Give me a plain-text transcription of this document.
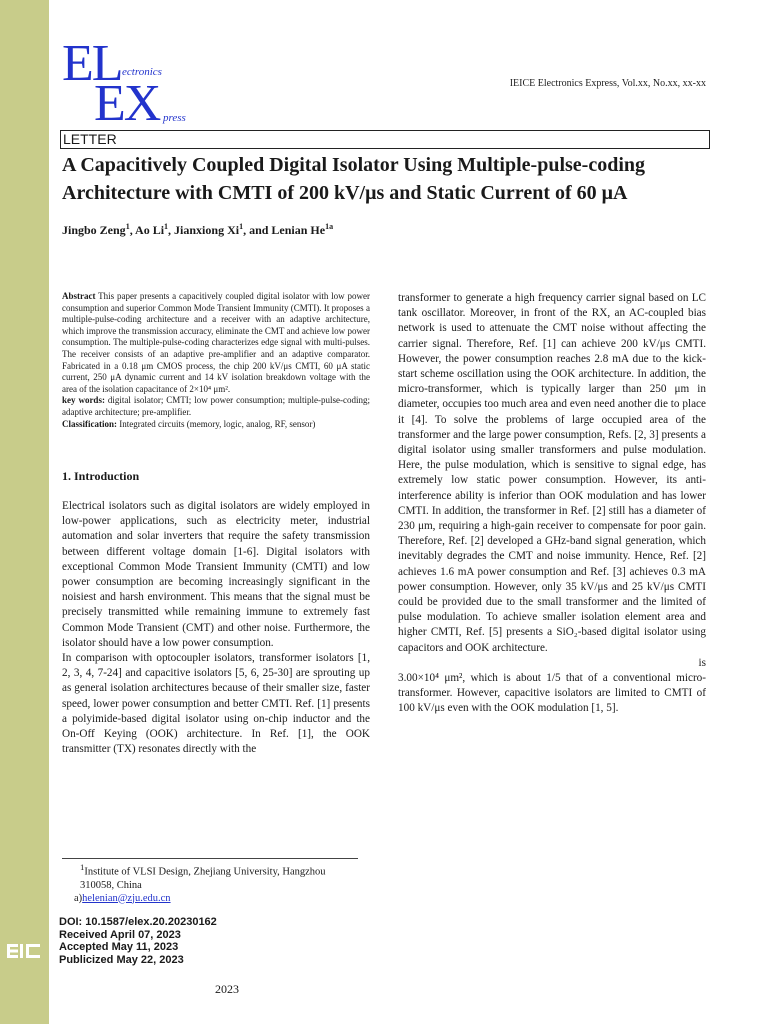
EL ectronics
EX press
IEICE Electronics Express, Vol.xx, No.xx, xx-xx
LETTER
A Capacitively Coupled Digital Isolator Using Multiple-pulse-coding Architecture with CMTI of 200 kV/μs and Static Current of 60 μA
Jingbo Zeng$^1$, Ao Li$^1$, Jianxiong Xi$^1$, and Lenian $He^{1a}$

Abstract This paper presents a capacitively coupled digital isolator with low power consumption and superior Common Mode Transient Immunity (CMTI). It proposes a multiple-pulse-coding architecture and a receiver with an adaptive architecture, which improve the transmission accuracy, eliminate the CMT and achieve low power consumption. The multiple-pulse-coding characterizes edge signal with multi-pulses. The receiver consists of an adaptive pre-amplifier and an adaptive comparator. Fabricated in a 0.18 μm CMOS process, the chip 200 kV/μs CMTI, 60 μA static current, 250 μA dynamic current and 14 kV isolation breakdown voltage with the area of the isolation capacitance of 2×10⁴ μm².

key words: digital isolator; CMTI; low power consumption; multiple-pulse-coding; adaptive architecture; pre-amplifier.

Classification: Integrated circuits (memory, logic, analog, RF, sensor)

1. Introduction

Electrical isolators such as digital isolators are widely employed in low-power applications, such as electricity meter, industrial automation and solar inverters that require the safety transmission between different voltage domain [1-6]. Digital isolators with exceptional Common Mode Transient Immunity (CMTI) and low power consumption are becoming increasingly significant in the noisiest and harsh environment. This means that the signal must be precisely transmitted while remaining immune to extremely fast Common Mode Transient (CMT) and other noise. Furthermore, the isolator should have a low power consumption.

In comparison with optocoupler isolators, transformer isolators [1, 2, 3, 4, 7-24] and capacitive isolators [5, 6, 25-30] are sprouting up as general isolation architectures because of their smaller size, faster speed, lower power consumption and better CMTI. Ref. [1] presents a polyimide-based digital isolator using on-chip inductor and the On-Off Keying (OOK) architecture. In Ref. [1], the OOK transmitter (TX) resonates directly with the

transformer to generate a high frequency carrier signal based on LC tank oscillator. Moreover, in front of the RX, an AC-coupled bias network is used to attenuate the CMT noise without affecting the carrier signal. Therefore, Ref. [1] can achieve 200 kV/μs CMTI. However, the power consumption reaches 2.8 mA due to the kick-start scheme oscillation using the OOK architecture. In addition, the micro-transformer, which is typically larger than 250 μm in diameter, occupies too much area and even need another die to place it [4]. To solve the problems of large occupied area of the transformer and the large power consumption, Refs. [2, 3] presents a digital isolator using smaller transformers and pulse modulation. Here, the pulse modulation, which is sensitive to signal edge, has extremely low static power consumption. However, its anti-interference ability is inferior than OOK modulation and has lower CMTI. In addition, the transformer in Ref. [2] still has a diameter of 230 μm, requiring a high-gain receiver to compensate for poor gain. Therefore, Ref. [2] developed a GHz-band signal generation, which inevitably degrades the CMT and noise immunity. Hence, Ref. [2] achieves 1.6 mA power consumption and Ref. [3] achieves 0.3 mA power consumption. However, only 35 kV/μs and 25 kV/μs CMTI could be provided due to the small transformer and the limited of pulse modulation. To achieve smaller isolation element area and higher CMTI, Ref. [5] presents a SiO₂-based digital isolator using capacitors and OOK architecture.

is

3.00×10⁴ μm², which is about 1/5 that of a conventional micro-transformer. However, capacitive isolators are limited to CMTI of 100 kV/μs even with the OOK modulation [1, 5].

$^1$Institute of VLSI Design, Zhejiang University, Hangzhou
310058, China
a)helenian@zju.edu.cn
DOI: 10.1587/elex.20.20230162
Received April 07, 2023
Accepted May 11, 2023
Publicized May 22, 2023
2023
